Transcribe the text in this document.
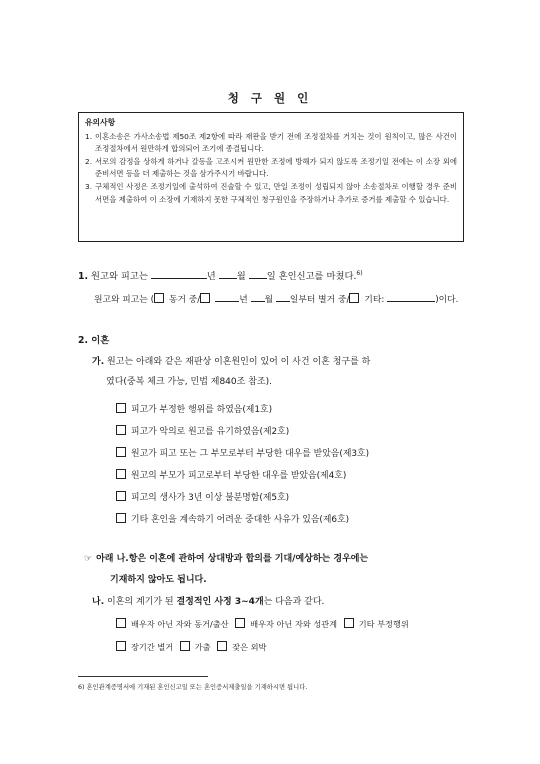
청 구 원 인
유의사항
1. 이혼소송은 가사소송법 제50조 제2항에 따라 재판을 받기 전에 조정절차를 거치는 것이 원칙이고, 많은 사건이 조정절차에서 원만하게 합의되어 조기에 종결됩니다.
2. 서로의 감정을 상하게 하거나 갈등을 고조시켜 원만한 조정에 방해가 되지 않도록 조정기일 전에는 이 소장 외에 준비서면 등을 더 제출하는 것을 삼가주시기 바랍니다.
3. 구체적인 사정은 조정기일에 출석하여 진술할 수 있고, 만일 조정이 성립되지 않아 소송절차로 이행할 경우 준비서면을 제출하여 이 소장에 기재하지 못한 구체적인 청구원인을 주장하거나 추가로 증거를 제출할 수 있습니다.
1. 원고와 피고는	년 월 일 혼인신고를 마쳤다.$^{6)}$
원고와 피고는 ( 동거 중/	년 월 일부터 별거 중/ 기타:	)이다.
2. 이혼
가. 원고는 아래와 같은 재판상 이혼원인이 있어 이 사건 이혼 청구를 하
였다(중복 체크 가능, 민법 제840조 참조).
피고가 부정한 행위를 하였음(제1호)
피고가 악의로 원고를 유기하였음(제2호)
원고가 피고 또는 그 부모로부터 부당한 대우를 받았음(제3호)
원고의 부모가 피고로부터 부당한 대우를 받았음(제4호)
피고의 생사가 3년 이상 불분명함(제5호)
기타 혼인을 계속하기 어려운 중대한 사유가 있음(제6호)
☞ 아래 나.항은 이혼에 관하여 상대방과 합의를 기대/예상하는 경우에는
기재하지 않아도 됩니다.
나. 이혼의 계기가 된 결정적인 사정 3~4개는 다음과 같다.
배우자 아닌 자와 동거/출산	배우자 아닌 자와 성관계	기타 부정행위
장기간 별거	가출	잦은 외박
6) 혼인관계증명서에 기재된 혼인신고일 또는 혼인증서제출일을 기재하시면 됩니다.
